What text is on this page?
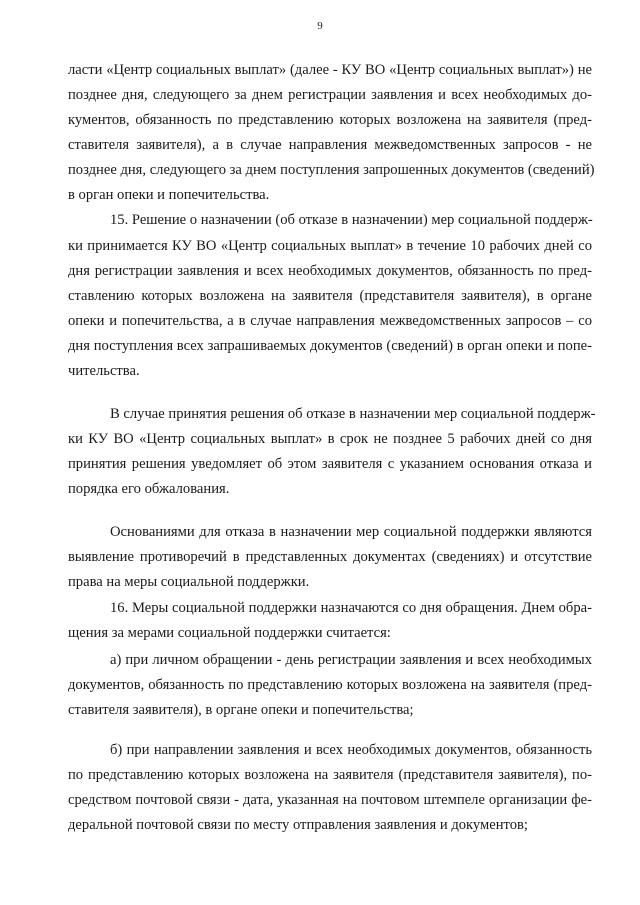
9
ласти «Центр социальных выплат» (далее - КУ ВО «Центр социальных выплат») не
позднее дня, следующего за днем регистрации заявления и всех необходимых до-
кументов, обязанность по представлению которых возложена на заявителя (пред-
ставителя заявителя), а в случае направления межведомственных запросов - не
позднее дня, следующего за днем поступления запрошенных документов (сведений)
в орган опеки и попечительства.
15. Решение о назначении (об отказе в назначении) мер социальной поддерж-
ки принимается КУ ВО «Центр социальных выплат» в течение 10 рабочих дней со
дня регистрации заявления и всех необходимых документов, обязанность по пред-
ставлению которых возложена на заявителя (представителя заявителя), в органе
опеки и попечительства, а в случае направления межведомственных запросов – со
дня поступления всех запрашиваемых документов (сведений) в орган опеки и попе-
чительства.
В случае принятия решения об отказе в назначении мер социальной поддерж-
ки КУ ВО «Центр социальных выплат» в срок не позднее 5 рабочих дней со дня
принятия решения уведомляет об этом заявителя с указанием основания отказа и
порядка его обжалования.
Основаниями для отказа в назначении мер социальной поддержки являются
выявление противоречий в представленных документах (сведениях) и отсутствие
права на меры социальной поддержки.
16. Меры социальной поддержки назначаются со дня обращения. Днем обра-
щения за мерами социальной поддержки считается:
а) при личном обращении - день регистрации заявления и всех необходимых
документов, обязанность по представлению которых возложена на заявителя (пред-
ставителя заявителя), в органе опеки и попечительства;
б) при направлении заявления и всех необходимых документов, обязанность
по представлению которых возложена на заявителя (представителя заявителя), по-
средством почтовой связи - дата, указанная на почтовом штемпеле организации фе-
деральной почтовой связи по месту отправления заявления и документов;
